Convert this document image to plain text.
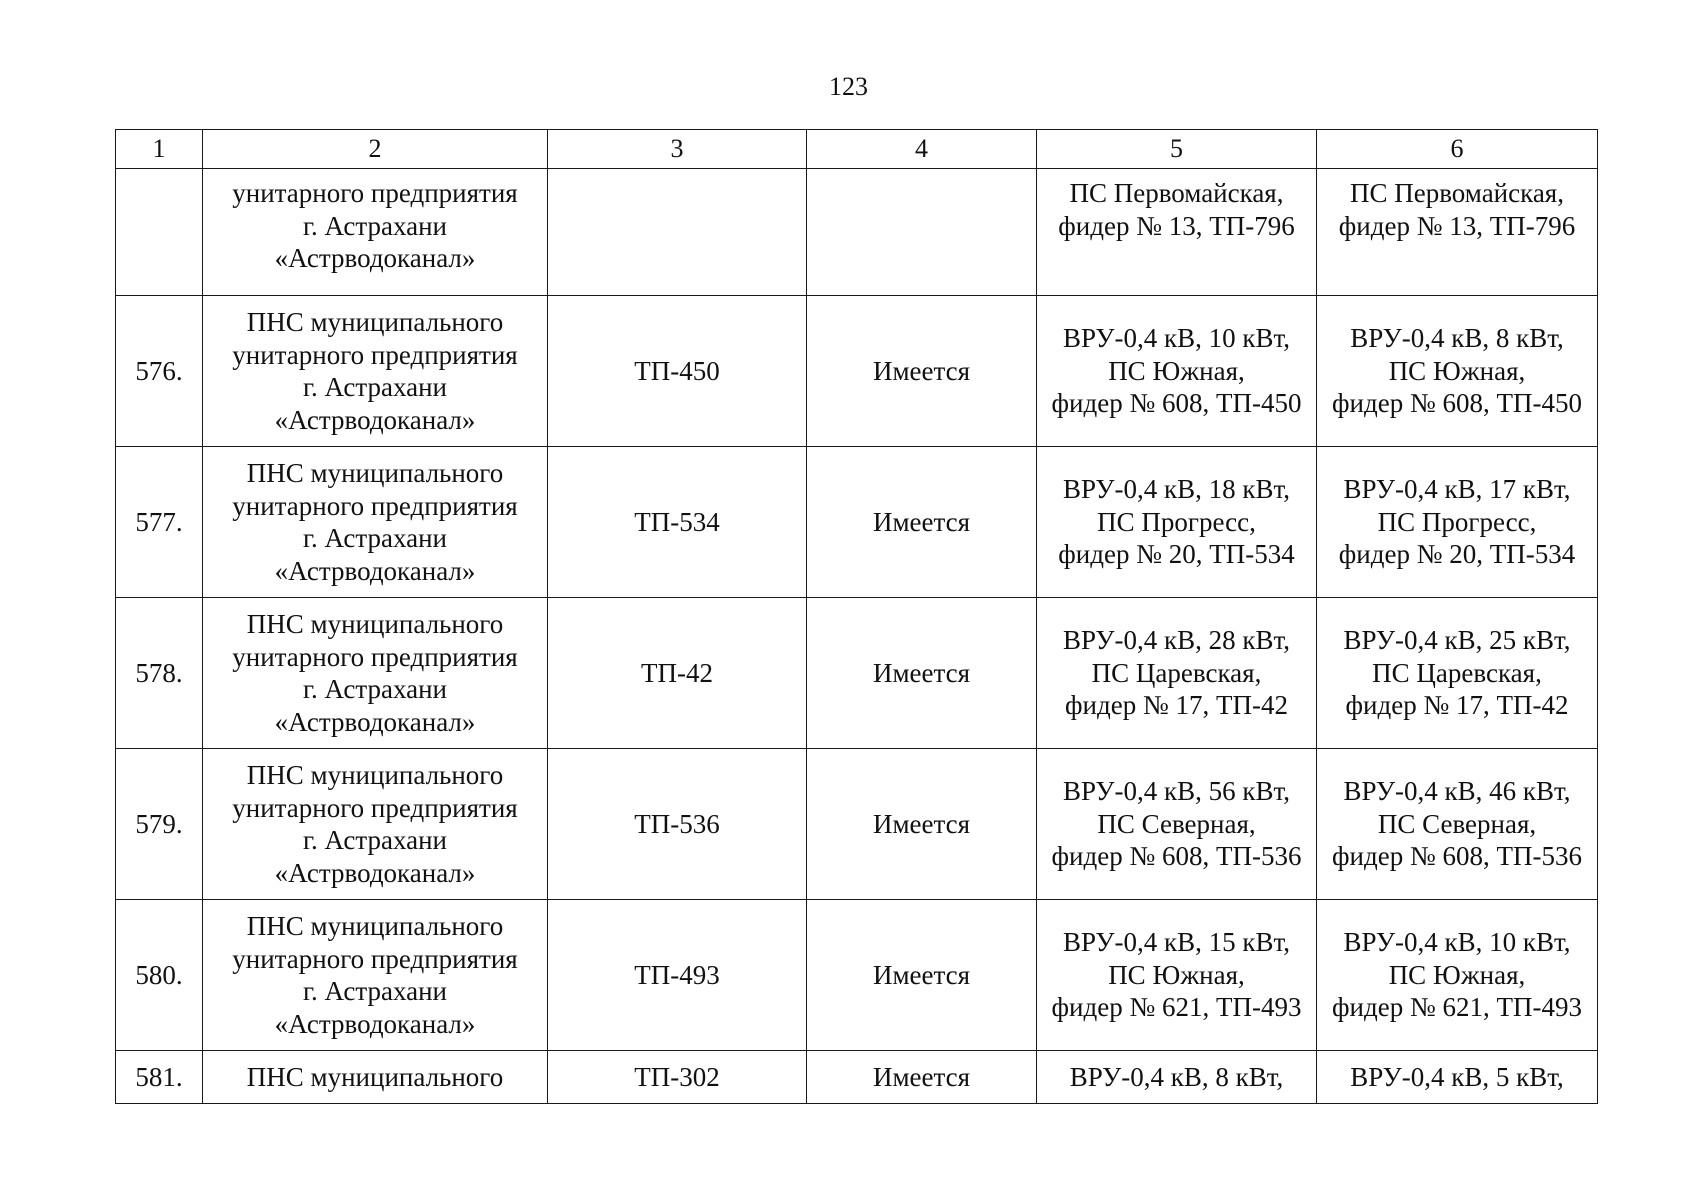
123
1	2	3	4	5	6

	унитарного предприятия
г. Астрахани
«Астрводоканал»			ПС Первомайская,
фидер № 13, ТП-796	ПС Первомайская,
фидер № 13, ТП-796

576.	ПНС муниципального
унитарного предприятия
г. Астрахани
«Астрводоканал»	ТП-450	Имеется	ВРУ-0,4 кВ, 10 кВт,
ПС Южная,
фидер № 608, ТП-450	ВРУ-0,4 кВ, 8 кВт,
ПС Южная,
фидер № 608, ТП-450

577.	ПНС муниципального
унитарного предприятия
г. Астрахани
«Астрводоканал»	ТП-534	Имеется	ВРУ-0,4 кВ, 18 кВт,
ПС Прогресс,
фидер № 20, ТП-534	ВРУ-0,4 кВ, 17 кВт,
ПС Прогресс,
фидер № 20, ТП-534

578.	ПНС муниципального
унитарного предприятия
г. Астрахани
«Астрводоканал»	ТП-42	Имеется	ВРУ-0,4 кВ, 28 кВт,
ПС Царевская,
фидер № 17, ТП-42	ВРУ-0,4 кВ, 25 кВт,
ПС Царевская,
фидер № 17, ТП-42

579.	ПНС муниципального
унитарного предприятия
г. Астрахани
«Астрводоканал»	ТП-536	Имеется	ВРУ-0,4 кВ, 56 кВт,
ПС Северная,
фидер № 608, ТП-536	ВРУ-0,4 кВ, 46 кВт,
ПС Северная,
фидер № 608, ТП-536

580.	ПНС муниципального
унитарного предприятия
г. Астрахани
«Астрводоканал»	ТП-493	Имеется	ВРУ-0,4 кВ, 15 кВт,
ПС Южная,
фидер № 621, ТП-493	ВРУ-0,4 кВ, 10 кВт,
ПС Южная,
фидер № 621, ТП-493

581.	ПНС муниципального	ТП-302	Имеется	ВРУ-0,4 кВ, 8 кВт,	ВРУ-0,4 кВ, 5 кВт,
